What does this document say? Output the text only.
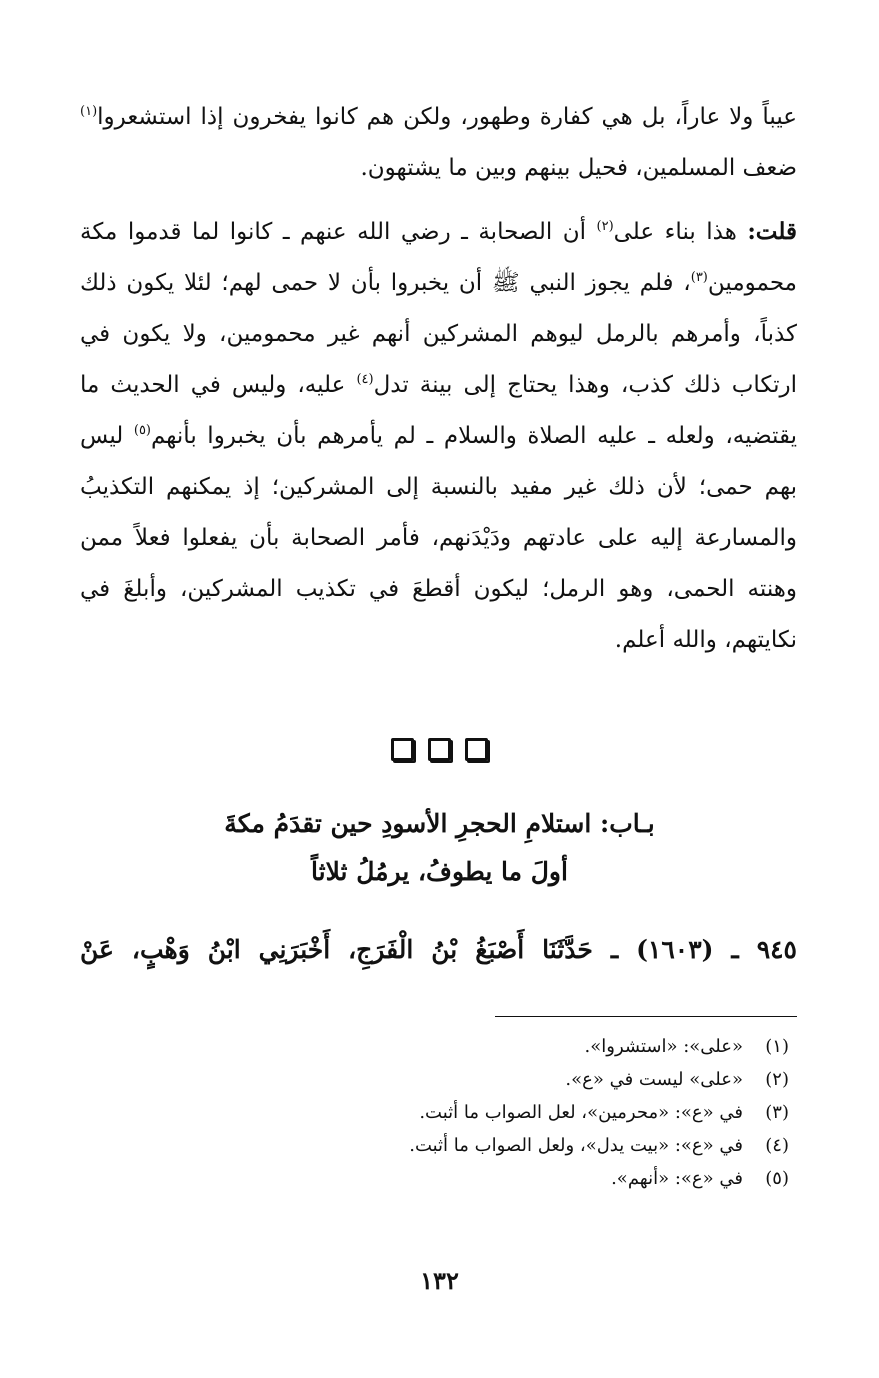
عيباً ولا عاراً، بل هي كفارة وطهور، ولكن هم كانوا يفخرون إذا استشعروا$^{(١)}$ ضعف المسلمين، فحيل بينهم وبين ما يشتهون.

قلت: هذا بناء على$^{(٢)}$ أن الصحابة ـ رضي الله عنهم ـ كانوا لما قدموا مكة محمومين$^{(٣)}$، فلم يجوز النبي ﷺ أن يخبروا بأن لا حمى لهم؛ لئلا يكون ذلك كذباً، وأمرهم بالرمل ليوهم المشركين أنهم غير محمومين، ولا يكون في ارتكاب ذلك كذب، وهذا يحتاج إلى بينة تدل$^{(٤)}$ عليه، وليس في الحديث ما يقتضيه، ولعله ـ عليه الصلاة والسلام ـ لم يأمرهم بأن يخبروا بأنهم$^{(٥)}$ ليس بهم حمى؛ لأن ذلك غير مفيد بالنسبة إلى المشركين؛ إذ يمكنهم التكذيبُ والمسارعة إليه على عادتهم ودَيْدَنهم، فأمر الصحابة بأن يفعلوا فعلاً ممن وهنته الحمى، وهو الرمل؛ ليكون أقطعَ في تكذيب المشركين، وأبلغَ في نكايتهم، والله أعلم.

بـاب: استلامِ الحجرِ الأسودِ حين تقدَمُ مكةَ
أولَ ما يطوفُ، يرمُلُ ثلاثاً
٩٤٥ ـ (١٦٠٣) ـ حَدَّثَنَا أَصْبَغُ بْنُ الْفَرَجِ، أَخْبَرَنِي ابْنُ وَهْبٍ، عَنْ
(١)
«على»: «استشروا».
(٢)
«على» ليست في «ع».
(٣)
في «ع»: «محرمين»، لعل الصواب ما أثبت.
(٤)
في «ع»: «بيت يدل»، ولعل الصواب ما أثبت.
(٥)
في «ع»: «أنهم».
١٣٢
